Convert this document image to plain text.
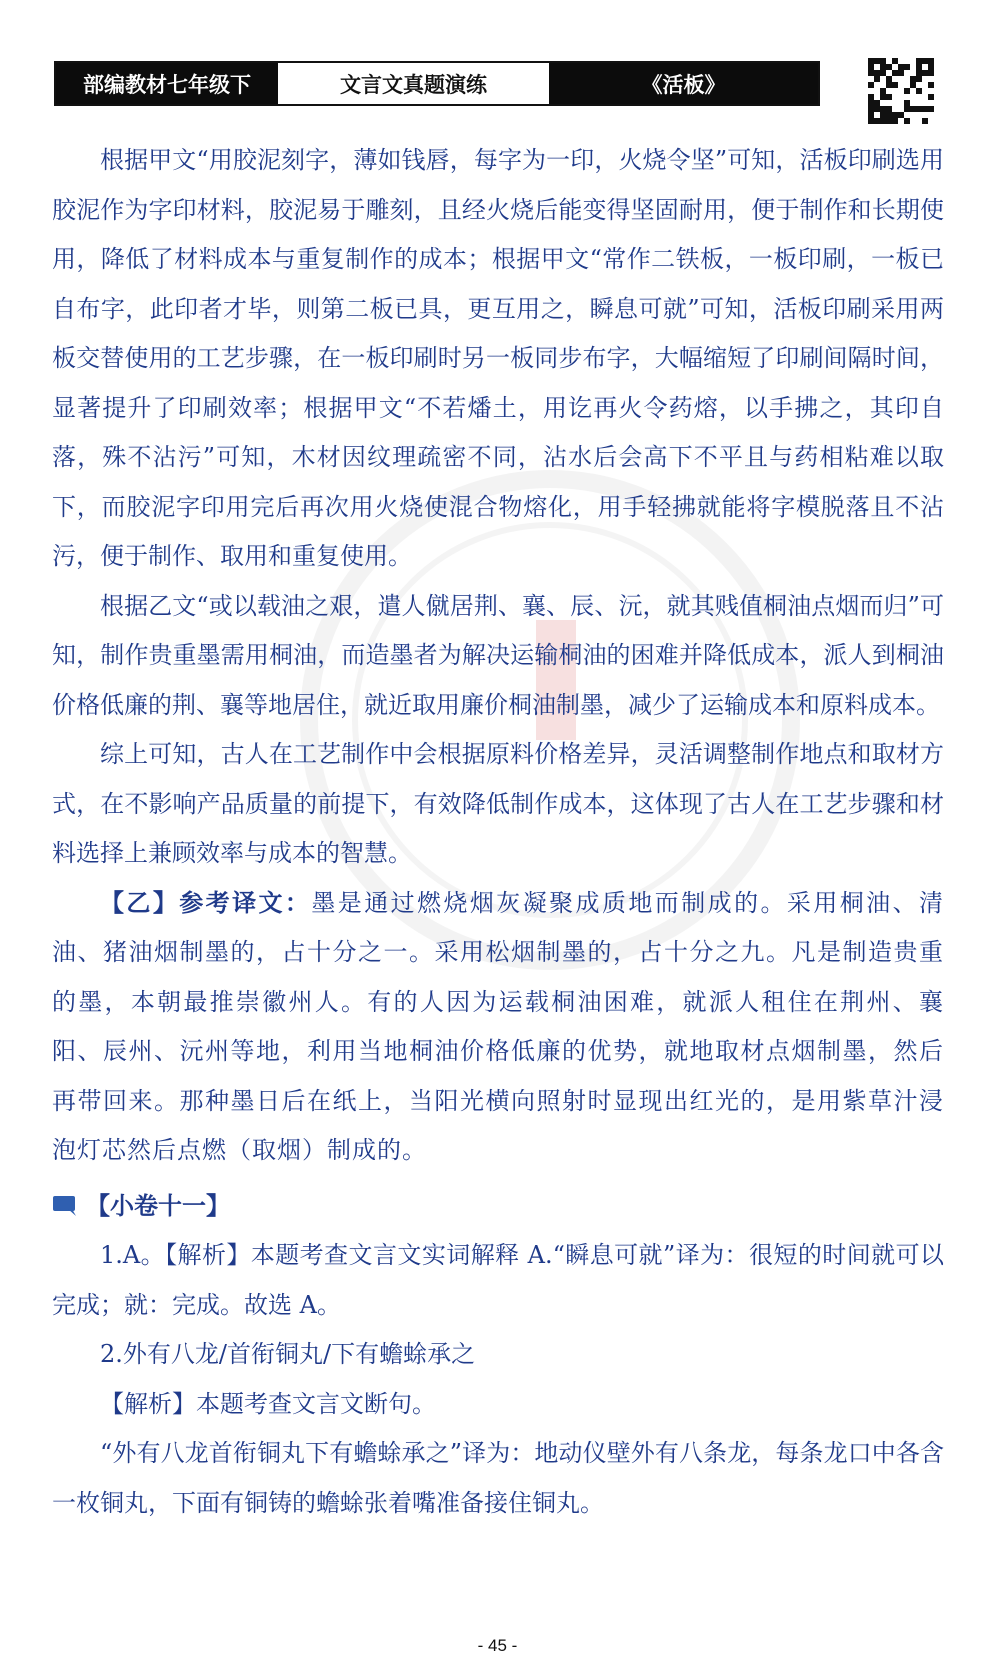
部编教材七年级下	文言文真题演练	《活板》

根据甲文“用胶泥刻字，薄如钱唇，每字为一印，火烧令坚”可知，活板印刷选用胶泥作为字印材料，胶泥易于雕刻，且经火烧后能变得坚固耐用，便于制作和长期使用，降低了材料成本与重复制作的成本；根据甲文“常作二铁板，一板印刷，一板已自布字，此印者才毕，则第二板已具，更互用之，瞬息可就”可知，活板印刷采用两板交替使用的工艺步骤，在一板印刷时另一板同步布字，大幅缩短了印刷间隔时间，显著提升了印刷效率；根据甲文“不若燔土，用讫再火令药熔，以手拂之，其印自落，殊不沾污”可知，木材因纹理疏密不同，沾水后会高下不平且与药相粘难以取下，而胶泥字印用完后再次用火烧使混合物熔化，用手轻拂就能将字模脱落且不沾污，便于制作、取用和重复使用。

根据乙文“或以载油之艰，遣人僦居荆、襄、辰、沅，就其贱值桐油点烟而归”可知，制作贵重墨需用桐油，而造墨者为解决运输桐油的困难并降低成本，派人到桐油价格低廉的荆、襄等地居住，就近取用廉价桐油制墨，减少了运输成本和原料成本。

综上可知，古人在工艺制作中会根据原料价格差异，灵活调整制作地点和取材方式，在不影响产品质量的前提下，有效降低制作成本，这体现了古人在工艺步骤和材料选择上兼顾效率与成本的智慧。

【乙】参考译文：墨是通过燃烧烟灰凝聚成质地而制成的。采用桐油、清油、猪油烟制墨的，占十分之一。采用松烟制墨的，占十分之九。凡是制造贵重的墨，本朝最推崇徽州人。有的人因为运载桐油困难，就派人租住在荆州、襄阳、辰州、沅州等地，利用当地桐油价格低廉的优势，就地取材点烟制墨，然后再带回来。那种墨日后在纸上，当阳光横向照射时显现出红光的，是用紫草汁浸泡灯芯然后点燃（取烟）制成的。

【小卷十一】

1.A。【解析】本题考查文言文实词解释 A.“瞬息可就”译为：很短的时间就可以完成；就：完成。故选 A。

2.外有八龙/首衔铜丸/下有蟾蜍承之

【解析】本题考查文言文断句。

“外有八龙首衔铜丸下有蟾蜍承之”译为：地动仪壁外有八条龙，每条龙口中各含一枚铜丸，下面有铜铸的蟾蜍张着嘴准备接住铜丸。

- 45 -
